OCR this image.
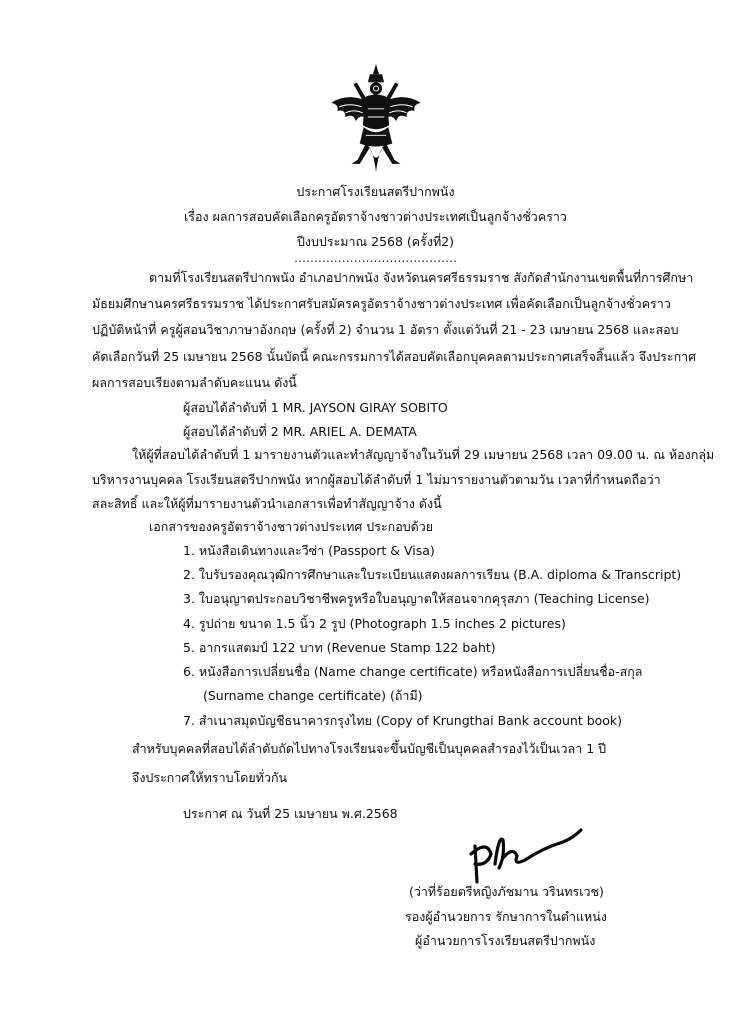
ประกาศโรงเรียนสตรีปากพนัง
เรื่อง ผลการสอบคัดเลือกครูอัตราจ้างชาวต่างประเทศเป็นลูกจ้างชั่วคราว
ปีงบประมาณ 2568 (ครั้งที่2)
.........................................
ตามที่โรงเรียนสตรีปากพนัง อำเภอปากพนัง จังหวัดนครศรีธรรมราช สังกัดสำนักงานเขตพื้นที่การศึกษา
มัธยมศึกษานครศรีธรรมราช ได้ประกาศรับสมัครครูอัตราจ้างชาวต่างประเทศ เพื่อคัดเลือกเป็นลูกจ้างชั่วคราว
ปฏิบัติหน้าที่ ครูผู้สอนวิชาภาษาอังกฤษ (ครั้งที่ 2) จำนวน 1 อัตรา ตั้งแต่วันที่ 21 - 23 เมษายน 2568 และสอบ
คัดเลือกวันที่ 25 เมษายน 2568 นั้นบัดนี้ คณะกรรมการได้สอบคัดเลือกบุคคลตามประกาศเสร็จสิ้นแล้ว จึงประกาศ
ผลการสอบเรียงตามลำดับคะแนน ดังนี้
ผู้สอบได้ลำดับที่ 1 MR. JAYSON GIRAY SOBITO
ผู้สอบได้ลำดับที่ 2 MR. ARIEL A. DEMATA
ให้ผู้ที่สอบได้ลำดับที่ 1 มารายงานตัวและทำสัญญาจ้างในวันที่ 29 เมษายน 2568 เวลา 09.00 น. ณ ห้องกลุ่ม
บริหารงานบุคคล โรงเรียนสตรีปากพนัง หากผู้สอบได้ลำดับที่ 1 ไม่มารายงานตัวตามวัน เวลาที่กำหนดถือว่า
สละสิทธิ์ และให้ผู้ที่มารายงานตัวนำเอกสารเพื่อทำสัญญาจ้าง ดังนี้
เอกสารของครูอัตราจ้างชาวต่างประเทศ ประกอบด้วย
1. หนังสือเดินทางและวีซ่า (Passport & Visa)
2. ใบรับรองคุณวุฒิการศึกษาและใบระเบียนแสดงผลการเรียน (B.A. diploma & Transcript)
3. ใบอนุญาตประกอบวิชาชีพครูหรือใบอนุญาตให้สอนจากคุรุสภา (Teachinɡ License)
4. รูปถ่าย ขนาด 1.5 นิ้ว 2 รูป (Photograph 1.5 inches 2 pictures)
5. อากรแสตมป์ 122 บาท (Revenue Stamp 122 baht)
6. หนังสือการเปลี่ยนชื่อ (Name change certificate) หรือหนังสือการเปลี่ยนชื่อ-สกุล
(Surname chanɡe certificate) (ถ้ามี)
7. สำเนาสมุดบัญชีธนาคารกรุงไทย (Copy of Krungthai Bank account book)
สำหรับบุคคลที่สอบได้ลำดับถัดไปทางโรงเรียนจะขึ้นบัญชีเป็นบุคคลสำรองไว้เป็นเวลา 1 ปี
จึงประกาศให้ทราบโดยทั่วกัน
ประกาศ ณ วันที่ 25 เมษายน พ.ศ.2568
(ว่าที่ร้อยตรีหญิงภัชมาน วรินทรเวช)
รองผู้อำนวยการ รักษาการในตำแหน่ง
ผู้อำนวยการโรงเรียนสตรีปากพนัง
